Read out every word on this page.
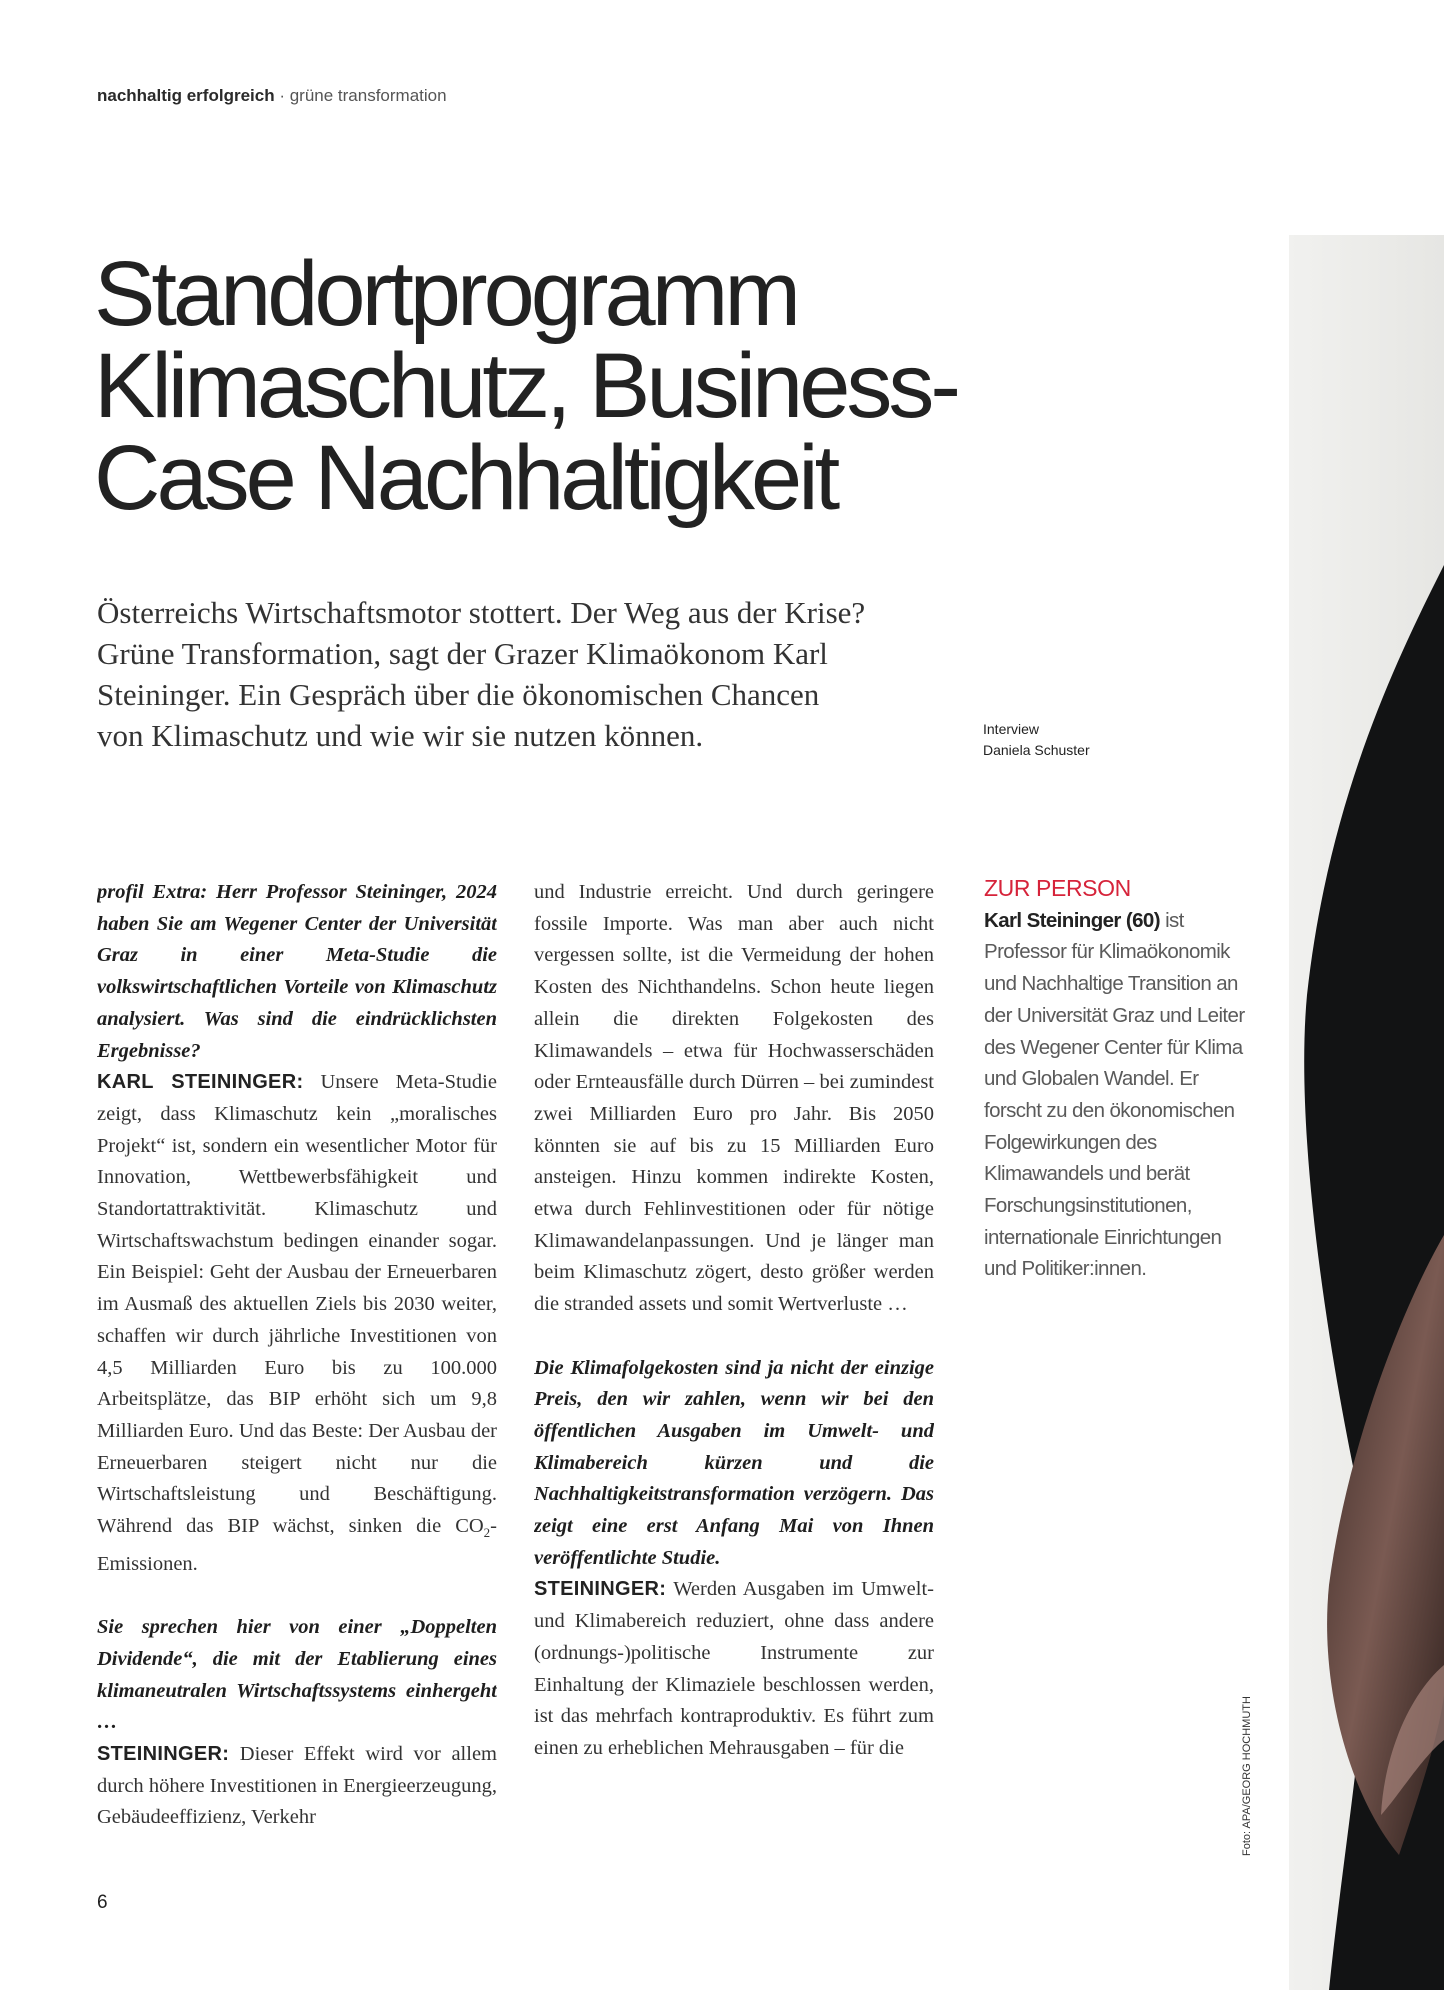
nachhaltig erfolgreich · grüne transformation
Standortprogramm
Klimaschutz, Business-
Case Nachhaltigkeit

Österreichs Wirtschaftsmotor stottert. Der Weg aus der Krise?
Grüne Transformation, sagt der Grazer Klimaökonom Karl
Steininger. Ein Gespräch über die ökonomischen Chancen
von Klimaschutz und wie wir sie nutzen können.	Interview
Daniela Schuster

profil Extra: Herr Professor Steininger, 2024 haben Sie am Wegener Center der Universität Graz in einer Meta-Studie die volkswirtschaftlichen Vorteile von Klimaschutz analysiert. Was sind die eindrücklichsten Ergebnisse?

KARL STEININGER: Unsere Meta-Studie zeigt, dass Klimaschutz kein „moralisches Projekt“ ist, sondern ein wesentlicher Motor für Innovation, Wettbewerbsfähigkeit und Standortattraktivität. Klimaschutz und Wirtschaftswachstum bedingen einander sogar. Ein Beispiel: Geht der Ausbau der Erneuerbaren im Ausmaß des aktuellen Ziels bis 2030 weiter, schaffen wir durch jährliche Investitionen von 4,5 Milliarden Euro bis zu 100.000 Arbeitsplätze, das BIP erhöht sich um 9,8 Milliarden Euro. Und das Beste: Der Ausbau der Erneuerbaren steigert nicht nur die Wirtschaftsleistung und Beschäftigung. Während das BIP wächst, sinken die $CO_2$-Emissionen.

Sie sprechen hier von einer „Doppelten Dividende“, die mit der Etablierung eines klimaneutralen Wirtschaftssystems einhergeht …

STEININGER: Dieser Effekt wird vor allem durch höhere Investitionen in Energieerzeugung, Gebäudeeffizienz, Verkehr

und Industrie erreicht. Und durch geringere fossile Importe. Was man aber auch nicht vergessen sollte, ist die Vermeidung der hohen Kosten des Nichthandelns. Schon heute liegen allein die direkten Folgekosten des Klimawandels – etwa für Hochwasserschäden oder Ernteausfälle durch Dürren – bei zumindest zwei Milliarden Euro pro Jahr. Bis 2050 könnten sie auf bis zu 15 Milliarden Euro ansteigen. Hinzu kommen indirekte Kosten, etwa durch Fehlinvestitionen oder für nötige Klimawandelanpassungen. Und je länger man beim Klimaschutz zögert, desto größer werden die stranded assets und somit Wertverluste …

Die Klimafolgekosten sind ja nicht der einzige Preis, den wir zahlen, wenn wir bei den öffentlichen Ausgaben im Umwelt- und Klimabereich kürzen und die Nachhaltigkeitstransformation verzögern. Das zeigt eine erst Anfang Mai von Ihnen veröffentlichte Studie.

STEININGER: Werden Ausgaben im Umwelt- und Klimabereich reduziert, ohne dass andere (ordnungs-)politische Instrumente zur Einhaltung der Klimaziele beschlossen werden, ist das mehrfach kontraproduktiv. Es führt zum einen zu erheblichen Mehrausgaben – für die

ZUR PERSON
Karl Steininger (60) ist Professor für Klimaökonomik und Nachhaltige Transition an der Universität Graz und Leiter des Wegener Center für Klima und Globalen Wandel. Er forscht zu den ökonomischen Folgewirkungen des Klimawandels und berät Forschungsinstitutionen, internationale Einrichtungen und Politiker:innen.
Foto: APA/GEORG HOCHMUTH
6
